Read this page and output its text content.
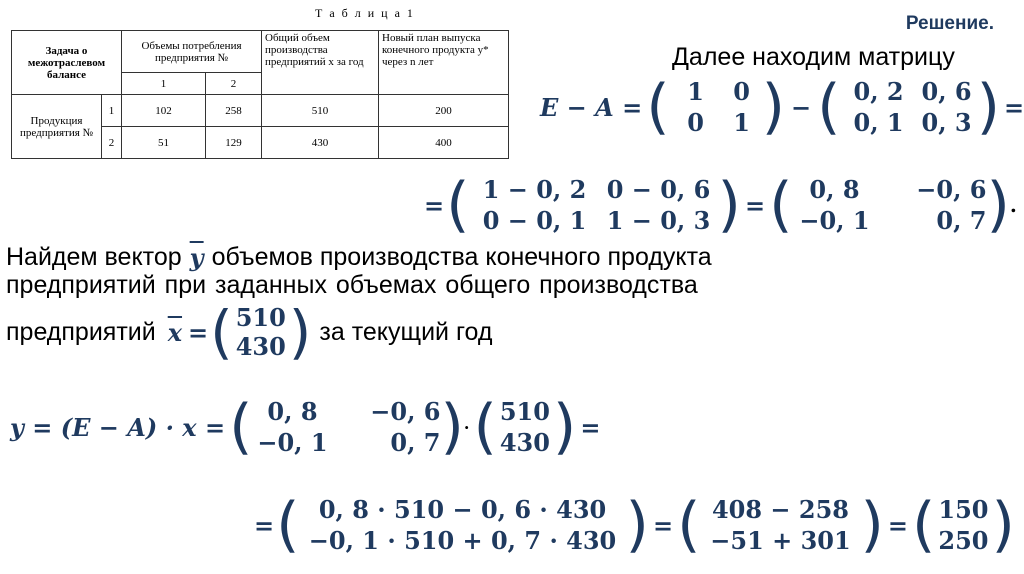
Т а б л и ц а 1
Задача о межотраслевом балансе		Объемы потребления предприятия №		Общий объем производства предприятий x за год	Новый план выпуска конечного продукта y* через n лет
		1	2		
Продукция предприятия №	1	102	258	510	200
	2	51	129	430	400
Решение.
Далее находим матрицу
E − A = ( 1	0
0	1 ) − ( 0, 2 0, 6
0, 1 0, 3 ) =
= ( 1 − 0, 2 0 − 0, 6
0 − 0, 1 1 − 0, 3 ) = ( 0, 8	−0, 6
−0, 1	0, 7 ) .
Найдем вектор $\overline{y}$ объемов производства конечного продукта
предприятий при заданных объемах общего производства
предприятий $\overline{x}$ = ( 510
430 ) за текущий год
y = (E − A) · x = ( 0, 8	−0, 6
−0, 1	0, 7 ) · ( 510
430 ) =
= ( 0, 8 · 510 − 0, 6 · 430
−0, 1 · 510 + 0, 7 · 430 ) = ( 408 − 258
−51 + 301 ) = ( 150
250 )
